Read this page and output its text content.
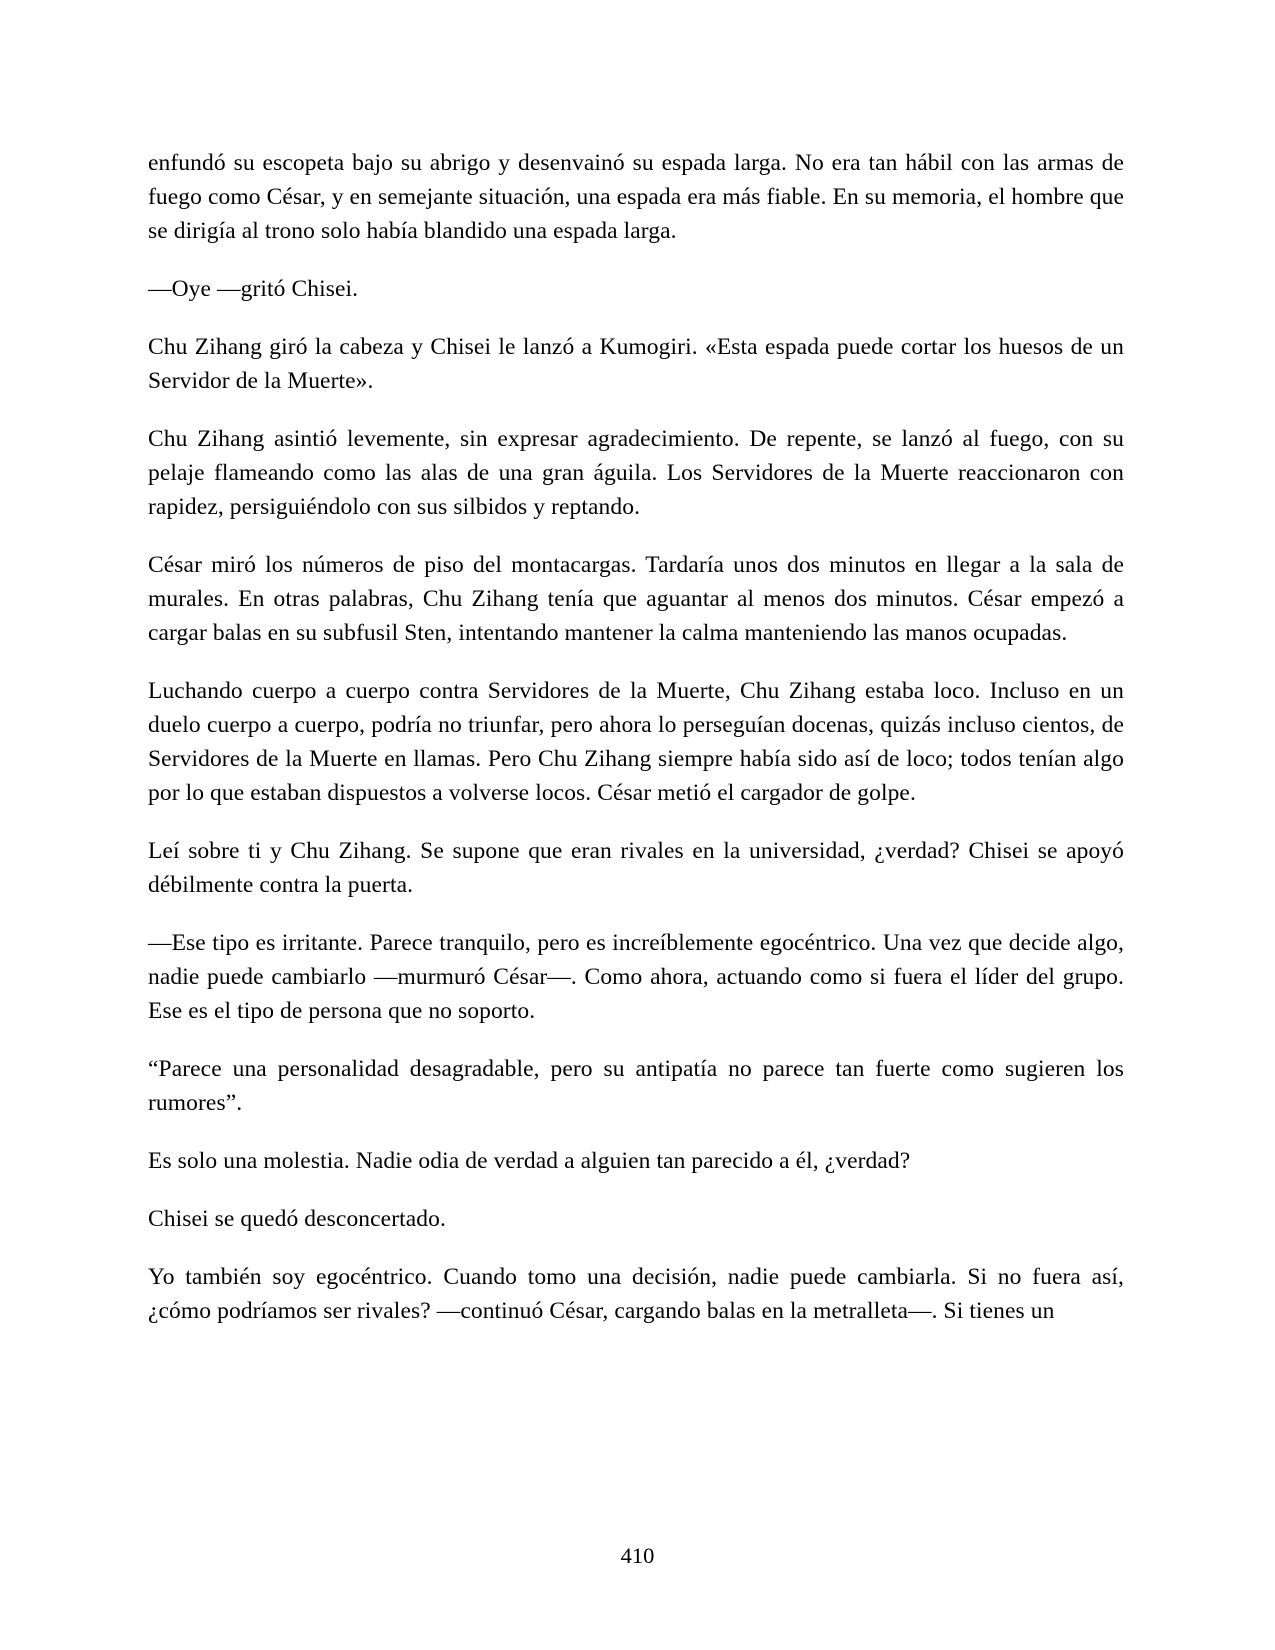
enfundó su escopeta bajo su abrigo y desenvainó su espada larga. No era tan hábil con las armas de fuego como César, y en semejante situación, una espada era más fiable. En su memoria, el hombre que se dirigía al trono solo había blandido una espada larga.

—Oye —gritó Chisei.

Chu Zihang giró la cabeza y Chisei le lanzó a Kumogiri. «Esta espada puede cortar los huesos de un Servidor de la Muerte».

Chu Zihang asintió levemente, sin expresar agradecimiento. De repente, se lanzó al fuego, con su pelaje flameando como las alas de una gran águila. Los Servidores de la Muerte reaccionaron con rapidez, persiguiéndolo con sus silbidos y reptando.

César miró los números de piso del montacargas. Tardaría unos dos minutos en llegar a la sala de murales. En otras palabras, Chu Zihang tenía que aguantar al menos dos minutos. César empezó a cargar balas en su subfusil Sten, intentando mantener la calma manteniendo las manos ocupadas.

Luchando cuerpo a cuerpo contra Servidores de la Muerte, Chu Zihang estaba loco. Incluso en un duelo cuerpo a cuerpo, podría no triunfar, pero ahora lo perseguían docenas, quizás incluso cientos, de Servidores de la Muerte en llamas. Pero Chu Zihang siempre había sido así de loco; todos tenían algo por lo que estaban dispuestos a volverse locos. César metió el cargador de golpe.

Leí sobre ti y Chu Zihang. Se supone que eran rivales en la universidad, ¿verdad? Chisei se apoyó débilmente contra la puerta.

—Ese tipo es irritante. Parece tranquilo, pero es increíblemente egocéntrico. Una vez que decide algo, nadie puede cambiarlo —murmuró César—. Como ahora, actuando como si fuera el líder del grupo. Ese es el tipo de persona que no soporto.

“Parece una personalidad desagradable, pero su antipatía no parece tan fuerte como sugieren los rumores”.

Es solo una molestia. Nadie odia de verdad a alguien tan parecido a él, ¿verdad?

Chisei se quedó desconcertado.

Yo también soy egocéntrico. Cuando tomo una decisión, nadie puede cambiarla. Si no fuera así, ¿cómo podríamos ser rivales? —continuó César, cargando balas en la metralleta—. Si tienes un

410
